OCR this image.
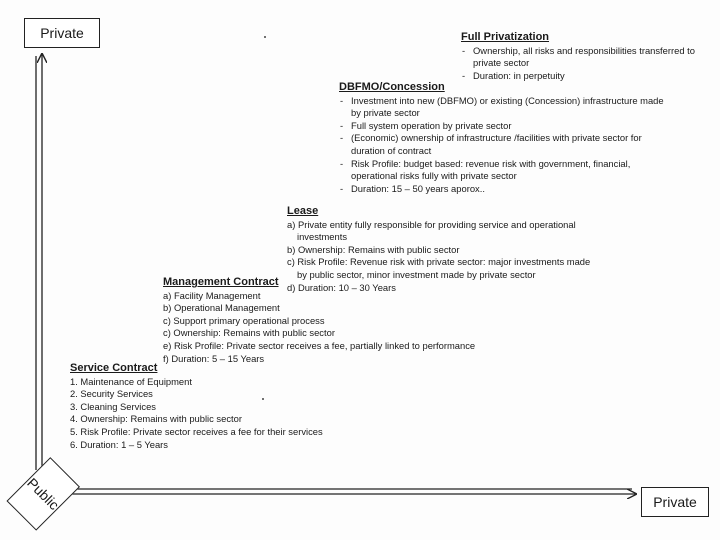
Private
Private
Public
Full Privatization
- Ownership, all risks and responsibilities transferred to private sector
- Duration: in perpetuity
DBFMO/Concession
- Investment into new (DBFMO) or existing (Concession) infrastructure made by private sector
- Full system operation by private sector
- (Economic) ownership of infrastructure /facilities with private sector for duration of contract
- Risk Profile: budget based: revenue risk with government, financial, operational risks fully with private sector
- Duration: 15 – 50 years aporox..
Lease
a) Private entity fully responsible for providing service and operational investments
b) Ownership: Remains with public sector
c) Risk Profile: Revenue risk with private sector: major investments made by public sector, minor investment made by private sector
d) Duration: 10 – 30 Years
Management Contract
a) Facility Management
b) Operational Management
c) Support primary operational process
c) Ownership: Remains with public sector
e) Risk Profile: Private sector receives a fee, partially linked to performance
f) Duration: 5 – 15 Years
Service Contract
1. Maintenance of Equipment
2. Security Services
3. Cleaning Services
4. Ownership: Remains with public sector
5. Risk Profile: Private sector receives a fee for their services
6. Duration: 1 – 5 Years
